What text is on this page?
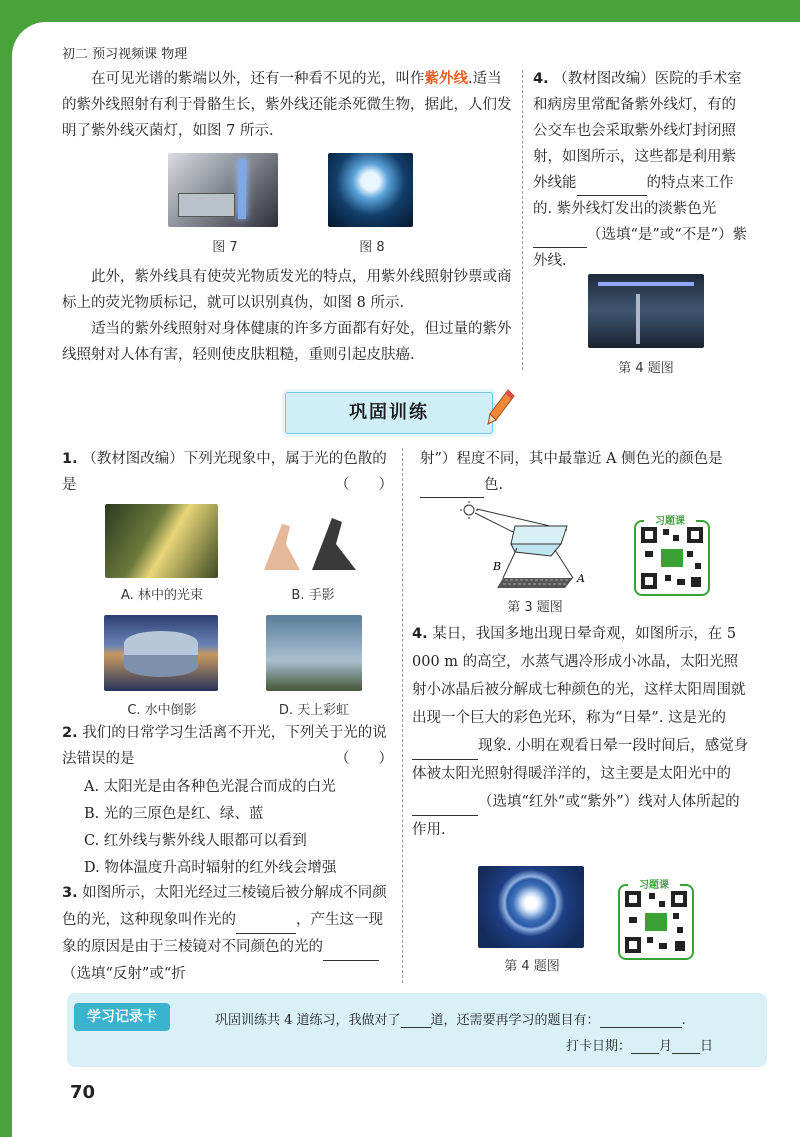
初二 预习视频课 物理
在可见光谱的紫端以外，还有一种看不见的光，叫作紫外线.适当的紫外线照射有利于骨骼生长，紫外线还能杀死微生物，据此，人们发明了紫外线灭菌灯，如图 7 所示.
图 7	图 8
此外，紫外线具有使荧光物质发光的特点，用紫外线照射钞票或商标上的荧光物质标记，就可以识别真伪，如图 8 所示.
适当的紫外线照射对身体健康的许多方面都有好处，但过量的紫外线照射对人体有害，轻则使皮肤粗糙，重则引起皮肤癌.
4. （教材图改编）医院的手术室和病房里常配备紫外线灯，有的公交车也会采取紫外线灯封闭照射，如图所示，这些都是利用紫外线能	的特点来工作的. 紫外线灯发出的淡紫色光（选填“是”或“不是”）紫外线.
第 4 题图
巩固训练
1. （教材图改编）下列光现象中，属于光的色散的是	（　　）
A. 林中的光束	B. 手影
C. 水中倒影	D. 天上彩虹
2. 我们的日常学习生活离不开光，下列关于光的说法错误的是	（　　）
A. 太阳光是由各种色光混合而成的白光
B. 光的三原色是红、绿、蓝
C. 红外线与紫外线人眼都可以看到
D. 物体温度升高时辐射的红外线会增强
3. 如图所示，太阳光经过三棱镜后被分解成不同颜色的光，这种现象叫作光的	，产生这一现象的原因是由于三棱镜对不同颜色的光的（选填“反射”或“折
射”）程度不同，其中最靠近 A 侧色光的颜色是色.
B
A
第 3 题图
习题课
4. 某日，我国多地出现日晕奇观，如图所示，在 5 000 m 的高空，水蒸气遇冷形成小冰晶，太阳光照射小冰晶后被分解成七种颜色的光，这样太阳周围就出现一个巨大的彩色光环，称为“日晕”. 这是光的现象. 小明在观看日晕一段时间后，感觉身体被太阳光照射得暖洋洋的，这主要是太阳光中的（选填“红外”或“紫外”）线对人体所起的作用.
第 4 题图
习题课
学习记录卡	巩固训练共 4 道练习，我做对了 道，还需要再学习的题目有：	.
打卡日期： 月 日
70
